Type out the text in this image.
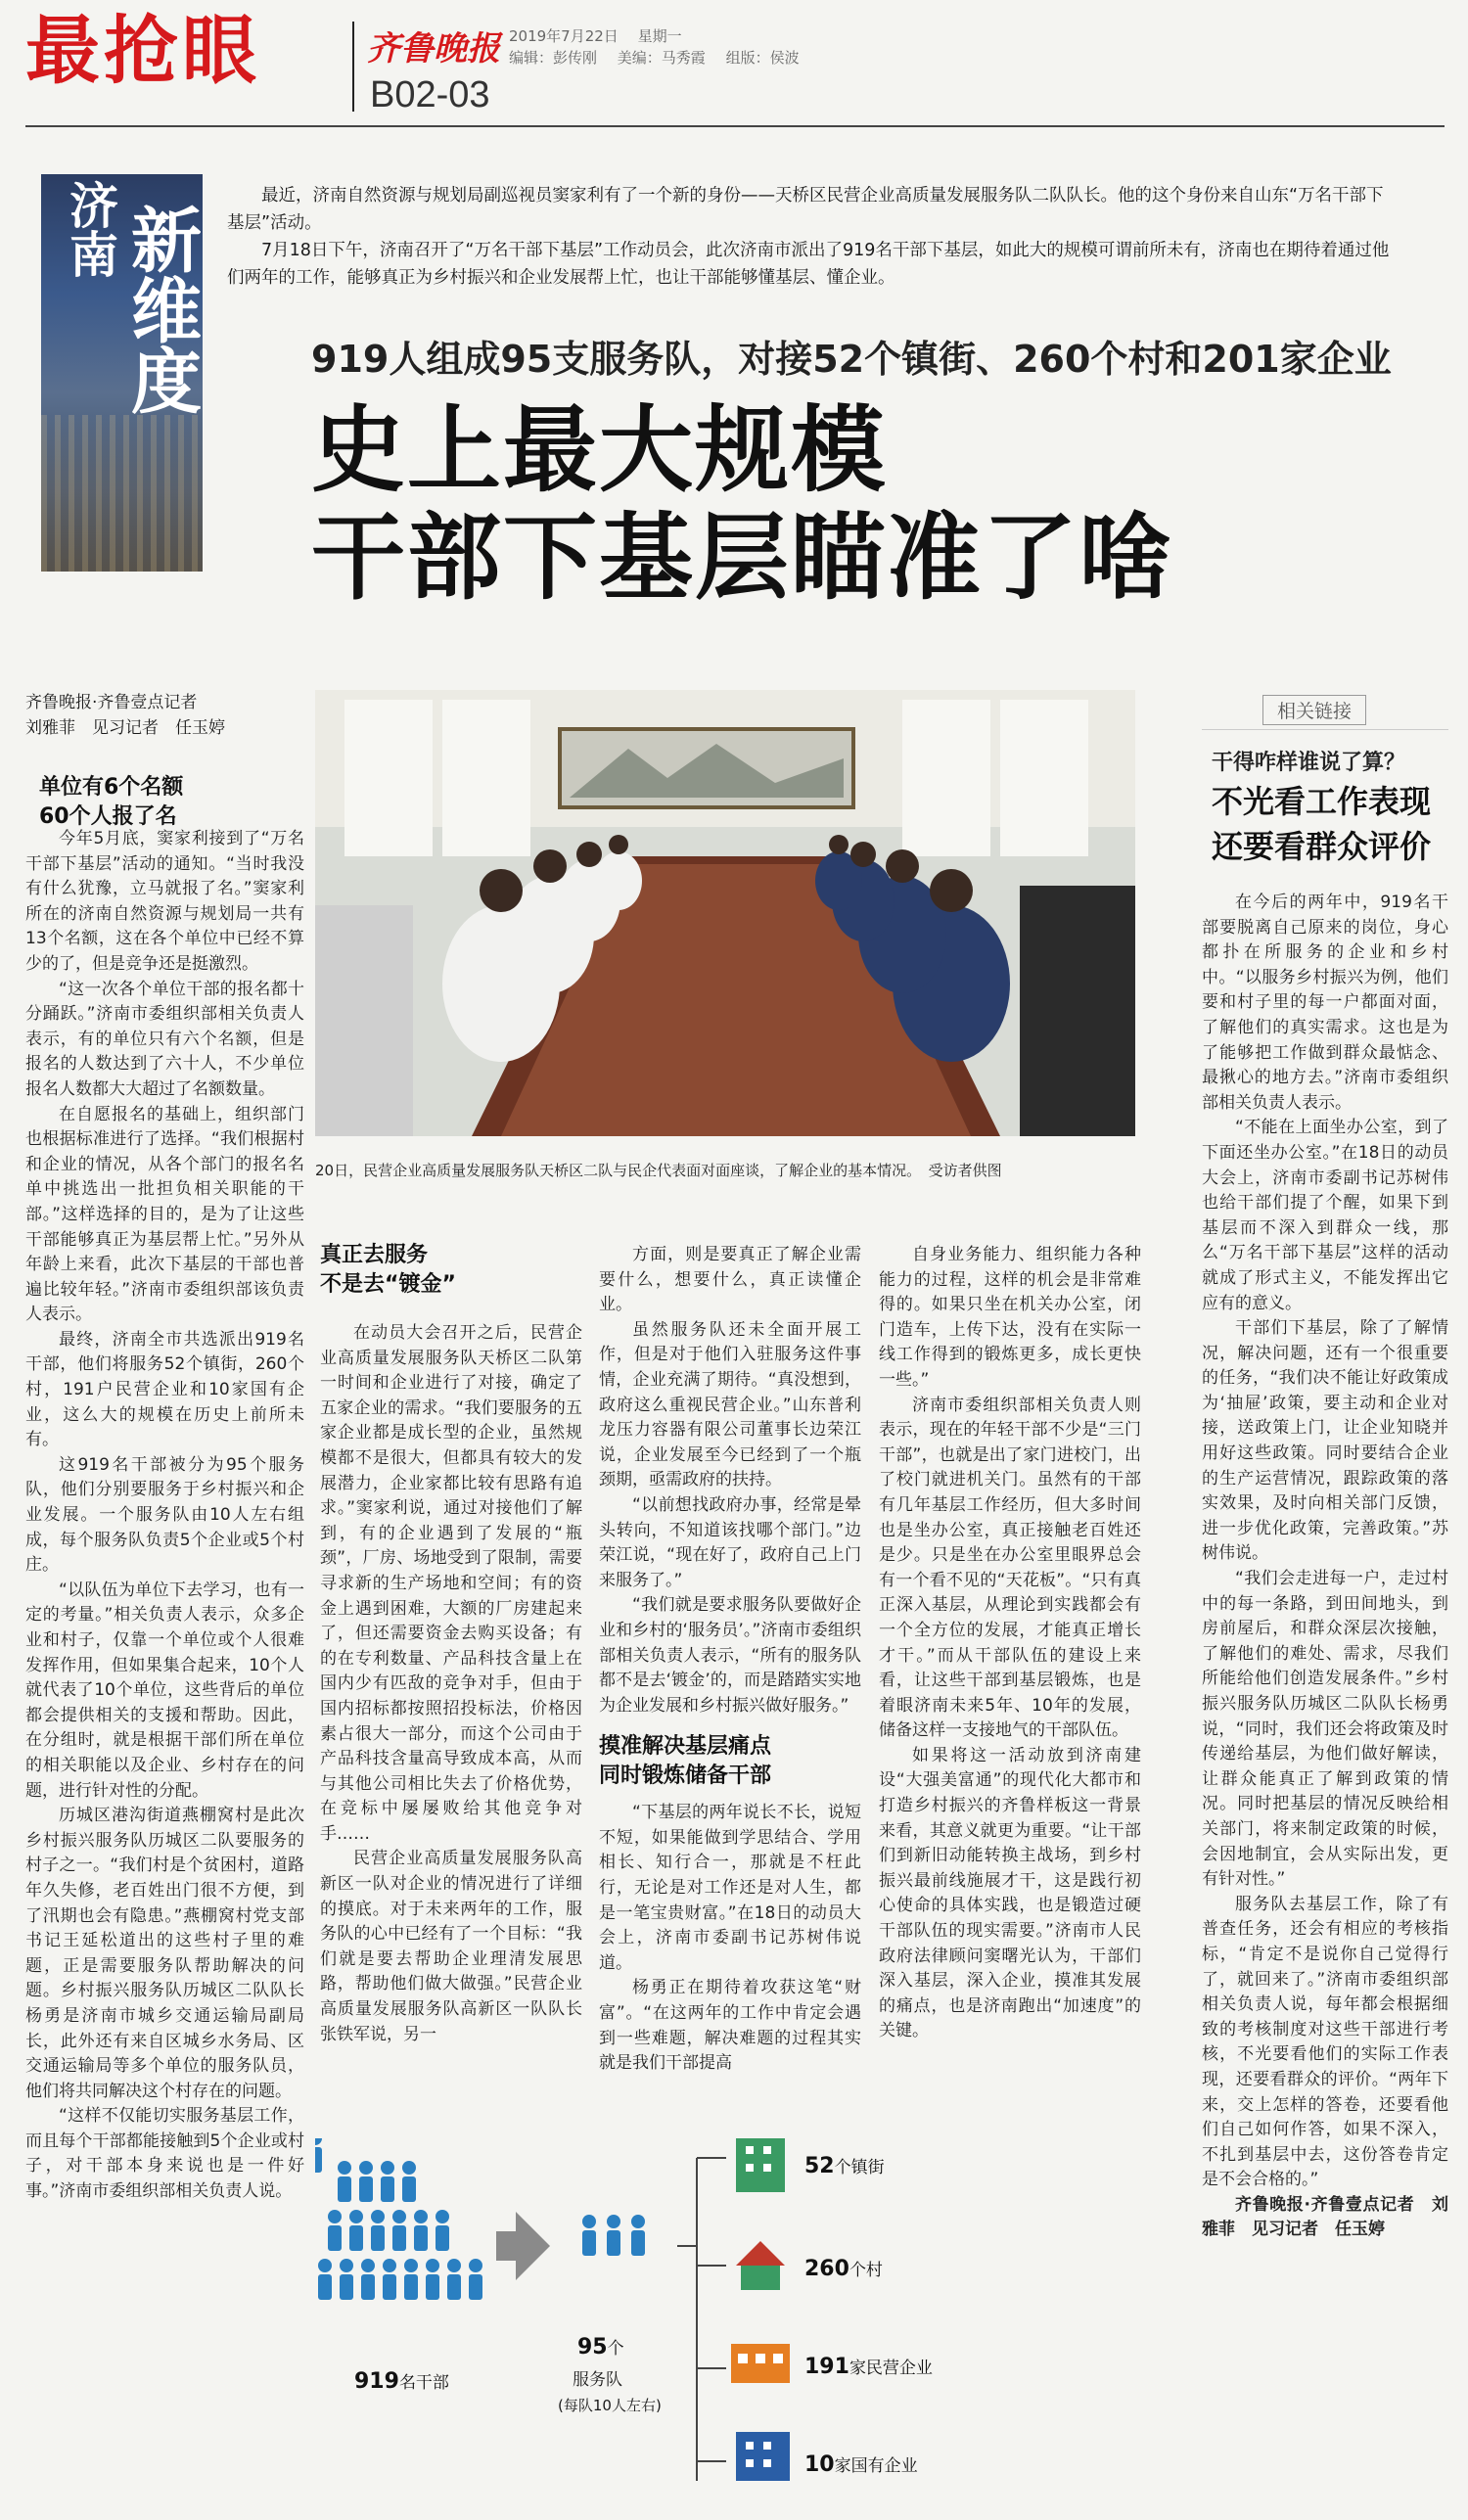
最抢眼	齐鲁晚报
B02-03
2019年7月22日　 星期一
编辑：彭传刚 美编：马秀霞 组版：侯波
济南 新维度

最近，济南自然资源与规划局副巡视员窦家利有了一个新的身份——天桥区民营企业高质量发展服务队二队队长。他的这个身份来自山东“万名干部下基层”活动。

7月18日下午，济南召开了“万名干部下基层”工作动员会，此次济南市派出了919名干部下基层，如此大的规模可谓前所未有，济南也在期待着通过他们两年的工作，能够真正为乡村振兴和企业发展帮上忙，也让干部能够懂基层、懂企业。

919人组成95支服务队，对接52个镇街、260个村和201家企业
史上最大规模
干部下基层瞄准了啥
齐鲁晚报·齐鲁壹点记者
刘雅菲　见习记者　任玉婷
单位有6个名额
60个人报了名

今年5月底，窦家利接到了“万名干部下基层”活动的通知。“当时我没有什么犹豫，立马就报了名。”窦家利所在的济南自然资源与规划局一共有13个名额，这在各个单位中已经不算少的了，但是竞争还是挺激烈。

“这一次各个单位干部的报名都十分踊跃。”济南市委组织部相关负责人表示，有的单位只有六个名额，但是报名的人数达到了六十人，不少单位报名人数都大大超过了名额数量。

在自愿报名的基础上，组织部门也根据标准进行了选择。“我们根据村和企业的情况，从各个部门的报名名单中挑选出一批担负相关职能的干部。”这样选择的目的，是为了让这些干部能够真正为基层帮上忙。”另外从年龄上来看，此次下基层的干部也普遍比较年轻。”济南市委组织部该负责人表示。

最终，济南全市共选派出919名干部，他们将服务52个镇街，260个村，191户民营企业和10家国有企业，这么大的规模在历史上前所未有。

这919名干部被分为95个服务队，他们分别要服务于乡村振兴和企业发展。一个服务队由10人左右组成，每个服务队负责5个企业或5个村庄。

“以队伍为单位下去学习，也有一定的考量。”相关负责人表示，众多企业和村子，仅靠一个单位或个人很难发挥作用，但如果集合起来，10个人就代表了10个单位，这些背后的单位都会提供相关的支援和帮助。因此，在分组时，就是根据干部们所在单位的相关职能以及企业、乡村存在的问题，进行针对性的分配。

历城区港沟街道燕棚窝村是此次乡村振兴服务队历城区二队要服务的村子之一。“我们村是个贫困村，道路年久失修，老百姓出门很不方便，到了汛期也会有隐患。”燕棚窝村党支部书记王延松道出的这些村子里的难题，正是需要服务队帮助解决的问题。乡村振兴服务队历城区二队队长杨勇是济南市城乡交通运输局副局长，此外还有来自区城乡水务局、区交通运输局等多个单位的服务队员，他们将共同解决这个村存在的问题。

“这样不仅能切实服务基层工作，而且每个干部都能接触到5个企业或村子，对干部本身来说也是一件好事。”济南市委组织部相关负责人说。

20日，民营企业高质量发展服务队天桥区二队与民企代表面对面座谈，了解企业的基本情况。　受访者供图
真正去服务
不是去“镀金”

在动员大会召开之后，民营企业高质量发展服务队天桥区二队第一时间和企业进行了对接，确定了五家企业的需求。“我们要服务的五家企业都是成长型的企业，虽然规模都不是很大，但都具有较大的发展潜力，企业家都比较有思路有追求。”窦家利说，通过对接他们了解到，有的企业遇到了发展的“瓶颈”，厂房、场地受到了限制，需要寻求新的生产场地和空间；有的资金上遇到困难，大额的厂房建起来了，但还需要资金去购买设备；有的在专利数量、产品科技含量上在国内少有匹敌的竞争对手，但由于国内招标都按照招投标法，价格因素占很大一部分，而这个公司由于产品科技含量高导致成本高，从而与其他公司相比失去了价格优势，在竞标中屡屡败给其他竞争对手……

民营企业高质量发展服务队高新区一队对企业的情况进行了详细的摸底。对于未来两年的工作，服务队的心中已经有了一个目标：“我们就是要去帮助企业理清发展思路，帮助他们做大做强。”民营企业高质量发展服务队高新区一队队长张铁军说，另一

方面，则是要真正了解企业需要什么，想要什么，真正读懂企业。

虽然服务队还未全面开展工作，但是对于他们入驻服务这件事情，企业充满了期待。“真没想到，政府这么重视民营企业。”山东普利龙压力容器有限公司董事长边荣江说，企业发展至今已经到了一个瓶颈期，亟需政府的扶持。

“以前想找政府办事，经常是晕头转向，不知道该找哪个部门。”边荣江说，“现在好了，政府自己上门来服务了。”

“我们就是要求服务队要做好企业和乡村的‘服务员’。”济南市委组织部相关负责人表示，“所有的服务队都不是去‘镀金’的，而是踏踏实实地为企业发展和乡村振兴做好服务。”

摸准解决基层痛点
同时锻炼储备干部

“下基层的两年说长不长，说短不短，如果能做到学思结合、学用相长、知行合一，那就是不枉此行，无论是对工作还是对人生，都是一笔宝贵财富。”在18日的动员大会上，济南市委副书记苏树伟说道。

杨勇正在期待着攻获这笔“财富”。“在这两年的工作中肯定会遇到一些难题，解决难题的过程其实就是我们干部提高

自身业务能力、组织能力各种能力的过程，这样的机会是非常难得的。如果只坐在机关办公室，闭门造车，上传下达，没有在实际一线工作得到的锻炼更多，成长更快一些。”

济南市委组织部相关负责人则表示，现在的年轻干部不少是“三门干部”，也就是出了家门进校门，出了校门就进机关门。虽然有的干部有几年基层工作经历，但大多时间也是坐办公室，真正接触老百姓还是少。只是坐在办公室里眼界总会有一个看不见的“天花板”。“只有真正深入基层，从理论到实践都会有一个全方位的发展，才能真正增长才干。”而从干部队伍的建设上来看，让这些干部到基层锻炼，也是着眼济南未来5年、10年的发展，储备这样一支接地气的干部队伍。

如果将这一活动放到济南建设“大强美富通”的现代化大都市和打造乡村振兴的齐鲁样板这一背景来看，其意义就更为重要。“让干部们到新旧动能转换主战场，到乡村振兴最前线施展才干，这是践行初心使命的具体实践，也是锻造过硬干部队伍的现实需要。”济南市人民政府法律顾问窦曙光认为，干部们深入基层，深入企业，摸准其发展的痛点，也是济南跑出“加速度”的关键。

相关链接
干得咋样谁说了算？
不光看工作表现
还要看群众评价

在今后的两年中，919名干部要脱离自己原来的岗位，身心都扑在所服务的企业和乡村中。“以服务乡村振兴为例，他们要和村子里的每一户都面对面，了解他们的真实需求。这也是为了能够把工作做到群众最惦念、最揪心的地方去。”济南市委组织部相关负责人表示。

“不能在上面坐办公室，到了下面还坐办公室。”在18日的动员大会上，济南市委副书记苏树伟也给干部们提了个醒，如果下到基层而不深入到群众一线，那么“万名干部下基层”这样的活动就成了形式主义，不能发挥出它应有的意义。

干部们下基层，除了了解情况，解决问题，还有一个很重要的任务，“我们决不能让好政策成为‘抽屉’政策，要主动和企业对接，送政策上门，让企业知晓并用好这些政策。同时要结合企业的生产运营情况，跟踪政策的落实效果，及时向相关部门反馈，进一步优化政策，完善政策。”苏树伟说。

“我们会走进每一户，走过村中的每一条路，到田间地头，到房前屋后，和群众深层次接触，了解他们的难处、需求，尽我们所能给他们创造发展条件。”乡村振兴服务队历城区二队队长杨勇说，“同时，我们还会将政策及时传递给基层，为他们做好解读，让群众能真正了解到政策的情况。同时把基层的情况反映给相关部门，将来制定政策的时候，会因地制宜，会从实际出发，更有针对性。”

服务队去基层工作，除了有普查任务，还会有相应的考核指标，“肯定不是说你自己觉得行了，就回来了。”济南市委组织部相关负责人说，每年都会根据细致的考核制度对这些干部进行考核，不光要看他们的实际工作表现，还要看群众的评价。“两年下来，交上怎样的答卷，还要看他们自己如何作答，如果不深入，不扎到基层中去，这份答卷肯定是不会合格的。”

齐鲁晚报·齐鲁壹点记者　刘雅菲　见习记者　任玉婷

919名干部
95个
服务队
(每队10人左右)
52个镇街
260个村
191家民营企业
10家国有企业
